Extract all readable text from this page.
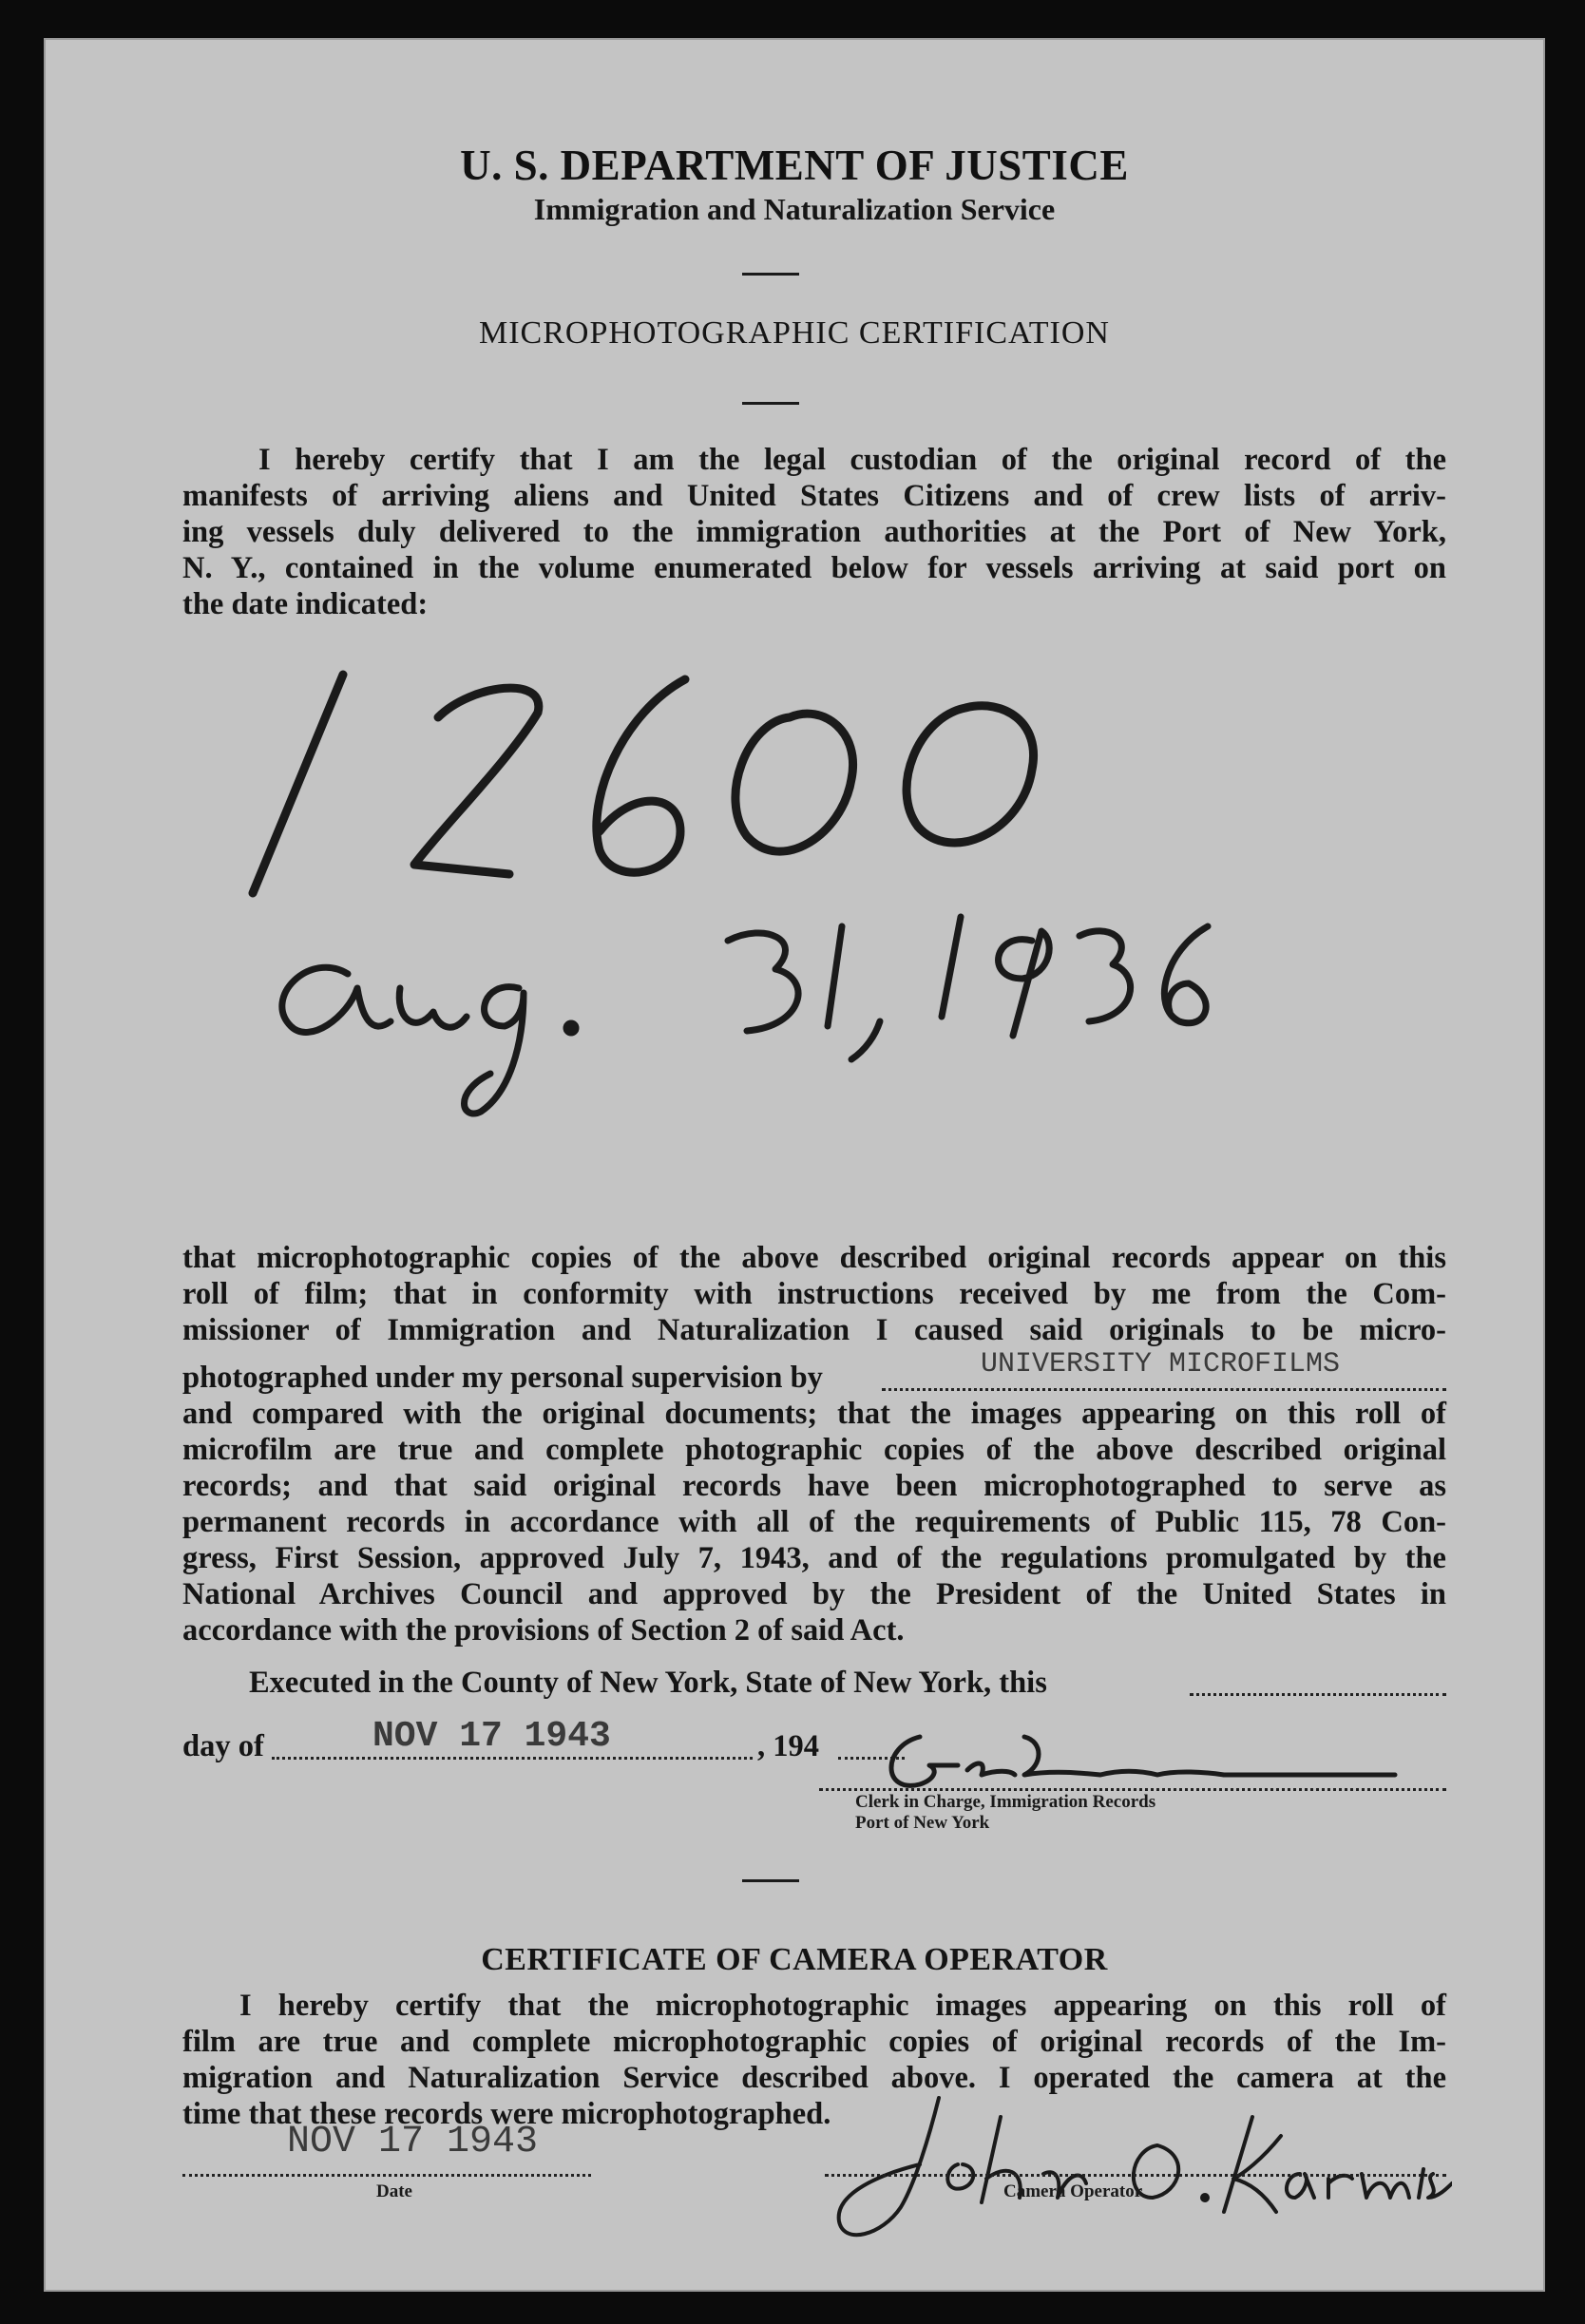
U. S. DEPARTMENT OF JUSTICE
Immigration and Naturalization Service
MICROPHOTOGRAPHIC CERTIFICATION
I hereby certify that I am the legal custodian of the original record of the
manifests of arriving aliens and United States Citizens and of crew lists of arriv-
ing vessels duly delivered to the immigration authorities at the Port of New York,
N. Y., contained in the volume enumerated below for vessels arriving at said port on
the date indicated:
that microphotographic copies of the above described original records appear on this
roll of film; that in conformity with instructions received by me from the Com-
missioner of Immigration and Naturalization I caused said originals to be micro-
photographed under my personal supervision by	UNIVERSITY MICROFILMS
and compared with the original documents; that the images appearing on this roll of
microfilm are true and complete photographic copies of the above described original
records; and that said original records have been microphotographed to serve as
permanent records in accordance with all of the requirements of Public 115, 78 Con-
gress, First Session, approved July 7, 1943, and of the regulations promulgated by the
National Archives Council and approved by the President of the United States in
accordance with the provisions of Section 2 of said Act.
Executed in the County of New York, State of New York, this
day of	NOV 17 1943	, 194
Clerk in Charge, Immigration Records
Port of New York
CERTIFICATE OF CAMERA OPERATOR
I hereby certify that the microphotographic images appearing on this roll of
film are true and complete microphotographic copies of original records of the Im-
migration and Naturalization Service described above. I operated the camera at the
time that these records were microphotographed.
NOV 17 1943
Date	Camera Operator
